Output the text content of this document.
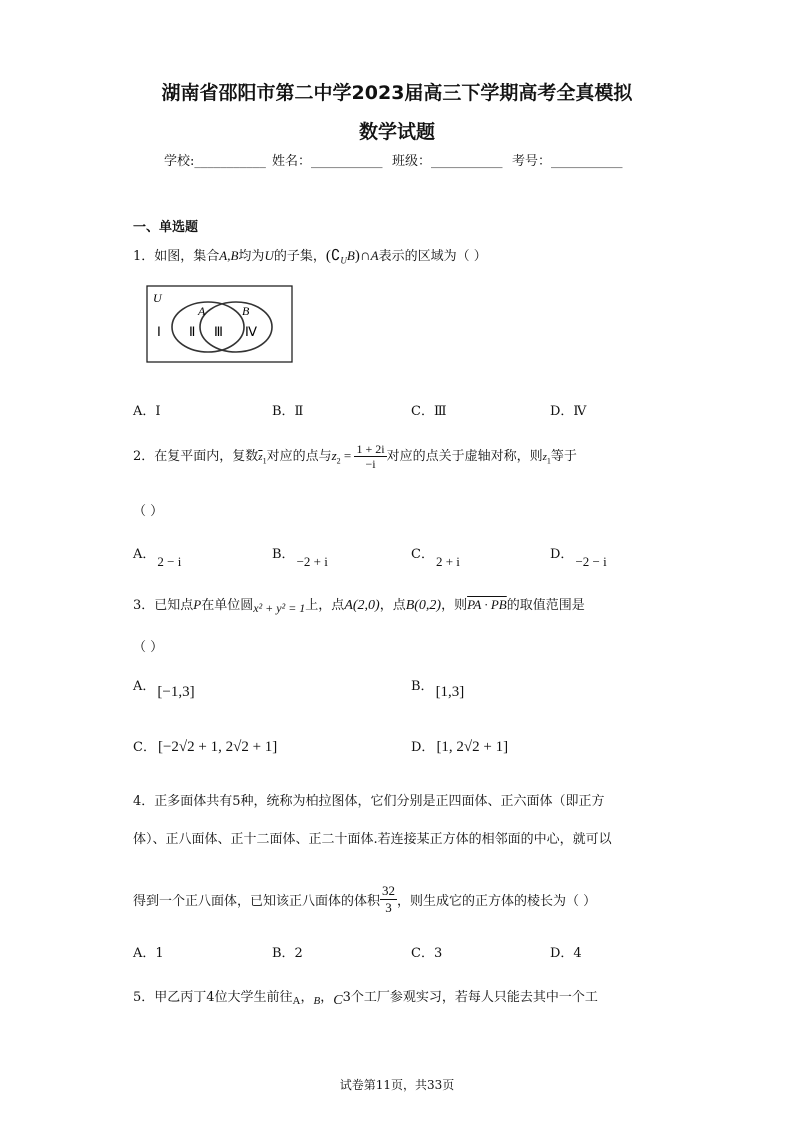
湖南省邵阳市第二中学2023届高三下学期高考全真模拟
数学试题
学校:___________ 姓名：___________ 班级：___________ 考号：___________
一、单选题
1．如图，集合A,B均为U的子集，$(∁_UB)\cap A$表示的区域为（ ）
U
A	B
Ⅰ Ⅱ Ⅲ Ⅳ
A．Ⅰ	B．Ⅱ	C．Ⅲ	D．Ⅳ
2．在复平面内，复数$\overline{z}_1$对应的点与$z_2 = \frac{1 + 2i}{-i}$ 对应的点关于虚轴对称，则$z_1$等于
（ ）
A． 2 − i	B． −2 + i	C． 2 + i	D． −2 − i
3．已知点P在单位圆x² + y² = 1上，点A(2,0)，点B(0,2)，则PA · PB的取值范围是
（ ）
A． [−1,3]	B． [1,3]
C． [−2√2 + 1, 2√2 + 1]	D． [1, 2√2 + 1]
4．正多面体共有5种，统称为柏拉图体，它们分别是正四面体、正六面体（即正方
体）、正八面体、正十二面体、正二十面体.若连接某正方体的相邻面的中心，就可以
得到一个正八面体，已知该正八面体的体积 $\frac{32}{3}$ ，则生成它的正方体的棱长为（ ）
A．1	B．2	C．3	D．4
5．甲乙丙丁4位大学生前往$_A$，$_B$，C3个工厂参观实习，若每人只能去其中一个工
试卷第11页，共33页
